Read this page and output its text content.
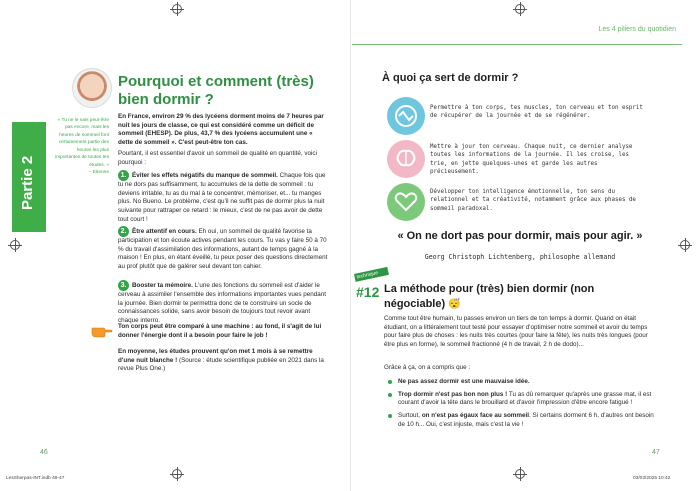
Les 4 piliers du quotidien
Partie 2
« Tu ne le sais peut-être pas encore, mais les heures de sommeil font certainement partie des heures les plus importantes de toutes tes études. »
– Etienne
Pourquoi et comment (très) bien dormir ?
En France, environ 29 % des lycéens dorment moins de 7 heures par nuit les jours de classe, ce qui est considéré comme un déficit de sommeil (EHESP). De plus, 43,7 % des lycéens accumulent une « dette de sommeil ». C'est peut-être ton cas.
Pourtant, il est essentiel d'avoir un sommeil de qualité en quantité, voici pourquoi :
1. Éviter les effets négatifs du manque de sommeil. Chaque fois que tu ne dors pas suffisamment, tu accumules de la dette de sommeil : tu deviens irritable, tu as du mal à te concentrer, mémoriser, et... tu manges plus. No Bueno. Le problème, c'est qu'il ne suffit pas de dormir plus la nuit suivante pour rattraper ce retard : le mieux, c'est de ne pas avoir de dette tout court !
2. Être attentif en cours. Eh oui, un sommeil de qualité favorise ta participation et ton écoute actives pendant les cours. Tu vas y faire 50 à 70 % du travail d'assimilation des informations, autant de temps gagné à la maison ! En plus, en étant éveillé, tu peux poser des questions directement au prof plutôt que de galérer seul devant ton cahier.
3. Booster ta mémoire. L'une des fonctions du sommeil est d'aider le cerveau à assimiler l'ensemble des informations importantes vues pendant la journée. Bien dormir te permettra donc de te construire un socle de connaissances solide, sans avoir besoin de toujours tout revoir avant chaque interro.
Ton corps peut être comparé à une machine : au fond, il s'agit de lui donner l'énergie dont il a besoin pour faire le job !
En moyenne, les études prouvent qu'on met 1 mois à se remettre d'une nuit blanche ! (Source : étude scientifique publiée en 2021 dans la revue Plus One.)
46
À quoi ça sert de dormir ?
Permettre à ton corps, tes muscles, ton cerveau et ton esprit de récupérer de la journée et de se régénérer.
Mettre à jour ton cerveau. Chaque nuit, ce dernier analyse toutes les informations de la journée. Il les croise, les trie, en jette quelques-unes et garde les autres précieusement.
Développer ton intelligence émotionnelle, ton sens du relationnel et ta créativité, notamment grâce aux phases de sommeil paradoxal.
« On ne dort pas pour dormir, mais pour agir. »
Georg Christoph Lichtenberg, philosophe allemand
technique
#12 La méthode pour (très) bien dormir (non négociable) 😴
Comme tout être humain, tu passes environ un tiers de ton temps à dormir. Quand on était étudiant, on a littéralement tout testé pour essayer d'optimiser notre sommeil et avoir du temps pour faire plus de choses : les nuits très courtes (pour faire la fête), les nuits très longues (pour être plus en forme), le sommeil fractionné (4 h de travail, 2 h de dodo)...
Grâce à ça, on a compris que :
Ne pas assez dormir est une mauvaise idée.
Trop dormir n'est pas bon non plus ! Tu as dû remarquer qu'après une grasse mat, il est courant d'avoir la tête dans le brouillard et d'avoir l'impression d'être encore fatigué !
Surtout, on n'est pas égaux face au sommeil. Si certains dorment 6 h, d'autres ont besoin de 10 h... Oui, c'est injuste, mais c'est la vie !
47
LesSherpas-INT.indb 46-47	03/03/2025 10:42
